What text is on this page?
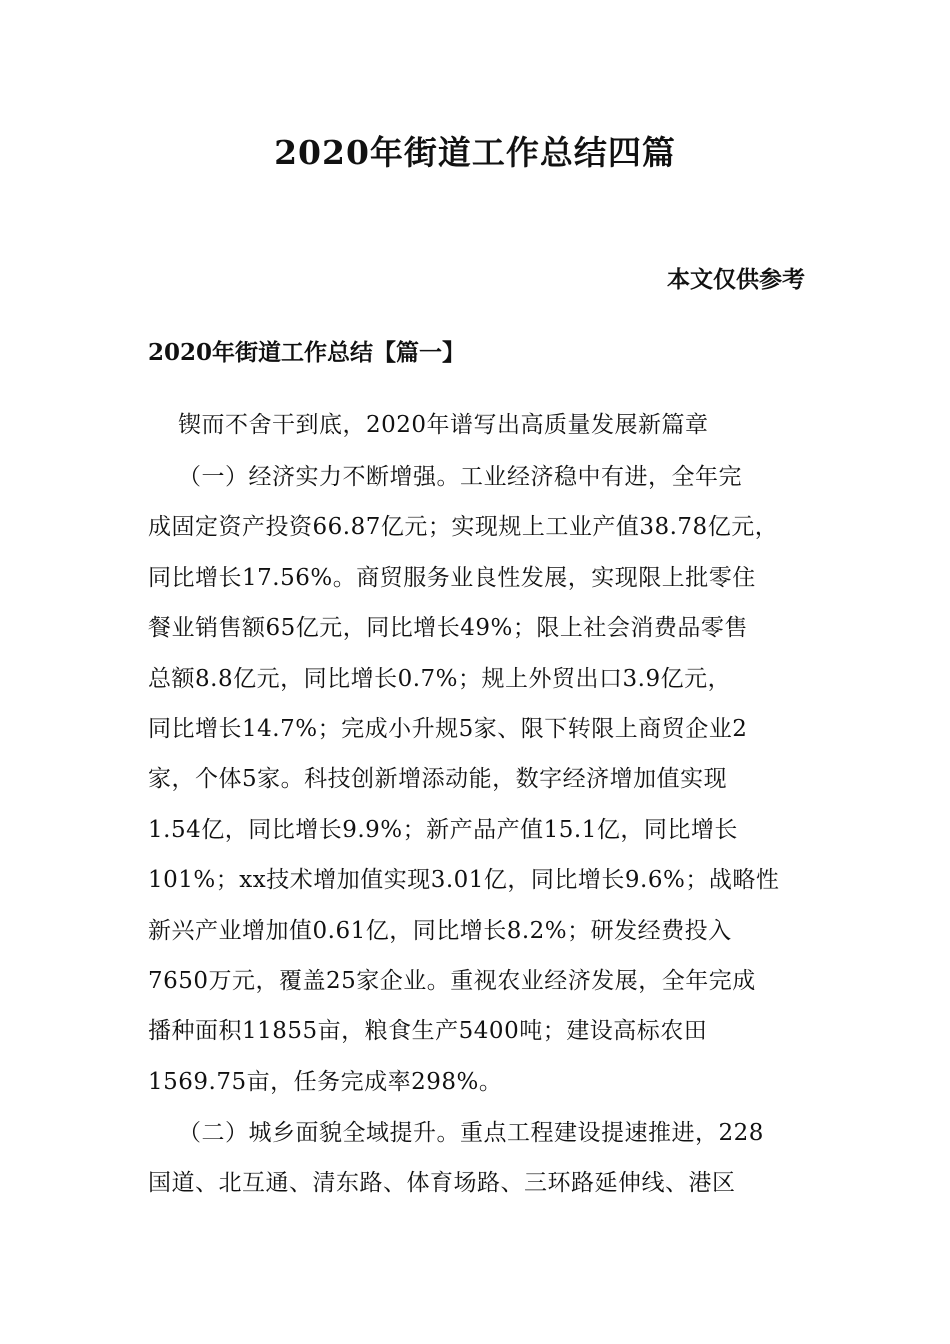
2020年街道工作总结四篇
本文仅供参考
2020年街道工作总结【篇一】
锲而不舍干到底，2020年谱写出高质量发展新篇章
（一）经济实力不断增强。工业经济稳中有进，全年完
成固定资产投资66.87亿元；实现规上工业产值38.78亿元，
同比增长17.56%。商贸服务业良性发展，实现限上批零住
餐业销售额65亿元，同比增长49%；限上社会消费品零售
总额8.8亿元，同比增长0.7%；规上外贸出口3.9亿元，
同比增长14.7%；完成小升规5家、限下转限上商贸企业2
家，个体5家。科技创新增添动能，数字经济增加值实现
1.54亿，同比增长9.9%；新产品产值15.1亿，同比增长
101%；xx技术增加值实现3.01亿，同比增长9.6%；战略性
新兴产业增加值0.61亿，同比增长8.2%；研发经费投入
7650万元，覆盖25家企业。重视农业经济发展，全年完成
播种面积11855亩，粮食生产5400吨；建设高标农田
1569.75亩，任务完成率298%。
（二）城乡面貌全域提升。重点工程建设提速推进，228
国道、北互通、清东路、体育场路、三环路延伸线、港区
